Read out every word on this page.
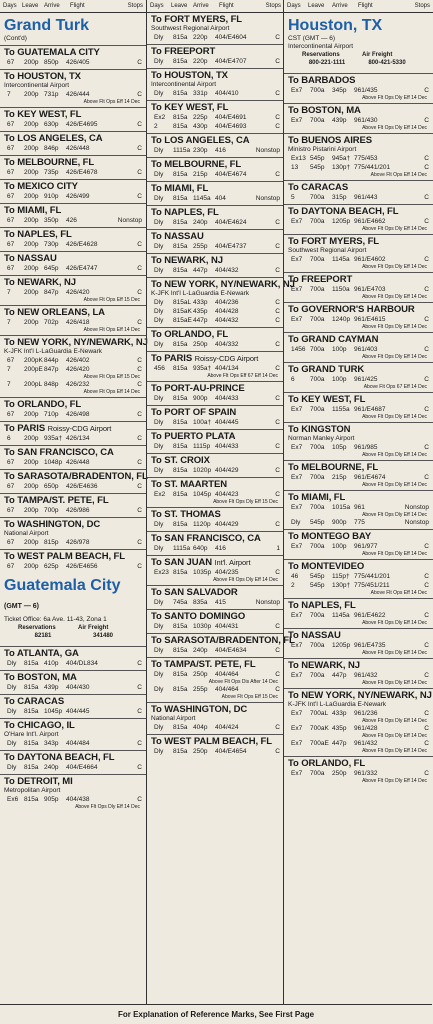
Days Leave Arrive Flight	Stops
Grand Turk
(Cont'd)
To GUATEMALA CITY
67 200p 850p 426/405	C
To HOUSTON, TX
Intercontinental Airport
7 200p 731p 426/444	C
Above Flt Ops Eff 14 Dec
To KEY WEST, FL
67 200p 630p 426/E4695	C
To LOS ANGELES, CA
67 200p 846p 426/448	C
To MELBOURNE, FL
67 200p 735p 426/E4678	C
To MEXICO CITY
67 200p 910p 426/499	C
To MIAMI, FL
67 200p 350p 426	Nonstop
To NAPLES, FL
67 200p 730p 426/E4628	C
To NASSAU
67 200p 645p 426/E4747	C
To NEWARK, NJ
7 200p 847p 426/420	C
Above Flt Ops Eff 15 Dec
To NEW ORLEANS, LA
7 200p 702p 426/418	C
Above Flt Ops Eff 14 Dec
To NEW YORK, NY/NEWARK, NJ
K-JFK Int'l L-LaGuardia E-Newark
67 200pK 844p 426/402	C
7 200pE 847p 426/420	C
Above Flt Ops Eff 15 Dec
7 200pL 848p 426/232	C
Above Flt Ops Eff 14 Dec
To ORLANDO, FL
67 200p 710p 426/498	C
To PARIS Roissy-CDG Airport
6 200p 935a† 426/134	C
To SAN FRANCISCO, CA
67 200p 1048p 426/448	C
To SARASOTA/BRADENTON, FL
67 200p 650p 426/E4636	C
To TAMPA/ST. PETE, FL
67 200p 700p 426/986	C
To WASHINGTON, DC
National Airport
67 200p 815p 426/978	C
To WEST PALM BEACH, FL
67 200p 625p 426/E4656	C
Guatemala City (GMT — 6)
Ticket Office: 6a Ave. 11-43, Zona 1
Reservations
82181
Air Freight
341480
To ATLANTA, GA
Dly 815a 410p 404/DL834	C
To BOSTON, MA
Dly 815a 439p 404/430	C
To CARACAS
Dly 815a 1045p 404/445	C
To CHICAGO, IL
O'Hare Int'l. Airport
Dly 815a 343p 404/484	C
To DAYTONA BEACH, FL
Dly 815a 240p 404/E4664	C
To DETROIT, MI
Metropolitan Airport
Ex6 815a 905p 404/438	C
Above Flt Ops Dly Eff 14 Dec
Days Leave Arrive Flight	Stops
To FORT MYERS, FL
Southwest Regional Airport
Dly 815a 220p 404/E4604	C
To FREEPORT
Dly 815a 220p 404/E4707	C
To HOUSTON, TX
Intercontinental Airport
Dly 815a 331p 404/410	C
To KEY WEST, FL
Ex2 815a 225p 404/E4691	C
2 815a 430p 404/E4693	C
To LOS ANGELES, CA
Dly 1115a 230p 416	Nonstop
To MELBOURNE, FL
Dly 815a 215p 404/E4674	C
To MIAMI, FL
Dly 815a 1145a 404	Nonstop
To NAPLES, FL
Dly 815a 240p 404/E4624	C
To NASSAU
Dly 815a 255p 404/E4737	C
To NEWARK, NJ
Dly 815a 447p 404/432	C
To NEW YORK, NY/NEWARK, NJ
K-JFK Int'l L-LaGuardia E-Newark
Dly 815aL 433p 404/236	C
Dly 815aK 435p 404/428	C
Dly 815aE 447p 404/432	C
To ORLANDO, FL
Dly 815a 250p 404/332	C
To PARIS Roissy-CDG Airport
456 815a 935a† 404/134	C
Above Flt Ops Eff 67 Eff 14 Dec
To PORT-AU-PRINCE
Dly 815a 900p 404/433	C
To PORT OF SPAIN
Dly 815a 100a† 404/445	C
To PUERTO PLATA
Dly 815a 1115p 404/433	C
To ST. CROIX
Dly 815a 1020p 404/429	C
To ST. MAARTEN
Ex2 815a 1045p 404/423	C
Above Flt Ops Dly Eff 15 Dec
To ST. THOMAS
Dly 815a 1120p 404/429	C
To SAN FRANCISCO, CA
Dly 1115a 640p 416	1
To SAN JUAN Int'l. Airport
Ex23 815a 1035p 404/235	C
Above Flt Ops Dly Eff 14 Dec
To SAN SALVADOR
Dly 745a 835a 415	Nonstop
To SANTO DOMINGO
Dly 815a 1030p 404/431	C
To SARASOTA/BRADENTON, FL
Dly 815a 240p 404/E4634	C
To TAMPA/ST. PETE, FL
Dly 815a 250p 404/464	C
Above Flt Ops Dis After 14 Dec
Dly 815a 255p 404/464	C
Above Flt Ops Eff 15 Dec
To WASHINGTON, DC
National Airport
Dly 815a 404p 404/424	C
To WEST PALM BEACH, FL
Dly 815a 250p 404/E4654	C
Days Leave Arrive Flight	Stops
Houston, TX
CST (GMT — 6)
Intercontinental Airport
Reservations
800-221-1111
Air Freight
800-421-5330
To BARBADOS
Ex7 700a 345p 961/435	C
Above Flt Ops Dly Eff 14 Dec
To BOSTON, MA
Ex7 700a 439p 961/430	C
Above Flt Ops Dly Eff 14 Dec
To BUENOS AIRES
Ministro Pistarini Airport
Ex13 545p 945a† 775/453	C
13 545p 130p† 775/441/201	C
Above Flt Ops Eff 14 Dec
To CARACAS
5 700a 315p 961/443	C
To DAYTONA BEACH, FL
Ex7 700a 1205p 961/E4662	C
Above Flt Ops Dly Eff 14 Dec
To FORT MYERS, FL
Southwest Regional Airport
Ex7 700a 1145a 961/E4602	C
Above Flt Ops Dly Eff 14 Dec
To FREEPORT
Ex7 700a 1150a 961/E4703	C
Above Flt Ops Dly Eff 14 Dec
To GOVERNOR'S HARBOUR
Ex7 700a 1240p 961/E4615	C
Above Flt Ops Dly Eff 14 Dec
To GRAND CAYMAN
1456 700a 100p 961/403	C
Above Flt Ops Dly Eff 14 Dec
To GRAND TURK
6 700a 100p 961/425	C
Above Flt Ops 67 Eff 14 Dec
To KEY WEST, FL
Ex7 700a 1155a 961/E4687	C
Above Flt Ops Dly Eff 14 Dec
To KINGSTON
Norman Manley Airport
Ex7 700a 105p 961/985	C
Above Flt Ops Dly Eff 14 Dec
To MELBOURNE, FL
Ex7 700a 215p 961/E4674	C
Above Flt Ops Dly Eff 14 Dec
To MIAMI, FL
Ex7 700a 1015a 961	Nonstop
Above Flt Ops Dly Eff 14 Dec
Dly 545p 900p 775	Nonstop
To MONTEGO BAY
Ex7 700a 100p 961/977	C
Above Flt Ops Dly Eff 14 Dec
To MONTEVIDEO
46 545p 115p† 775/441/201	C
2 545p 130p† 775/451/211	C
Above Flt Ops Eff 14 Dec
To NAPLES, FL
Ex7 700a 1145a 961/E4622	C
Above Flt Ops Dly Eff 14 Dec
To NASSAU
Ex7 700a 1205p 961/E4735	C
Above Flt Ops Dly Eff 14 Dec
To NEWARK, NJ
Ex7 700a 447p 961/432	C
Above Flt Ops Dly Eff 14 Dec
To NEW YORK, NY/NEWARK, NJ
K-JFK Int'l L-LaGuardia E-Newark
Ex7 700aL 433p 961/236	C
Above Flt Ops Dly Eff 14 Dec
Ex7 700aK 435p 961/428	C
Above Flt Ops Dly Eff 14 Dec
Ex7 700aE 447p 961/432	C
Above Flt Ops Dly Eff 14 Dec
To ORLANDO, FL
Ex7 700a 250p 961/332	C
Above Flt Ops Dly Eff 14 Dec
For Explanation of Reference Marks, See First Page
